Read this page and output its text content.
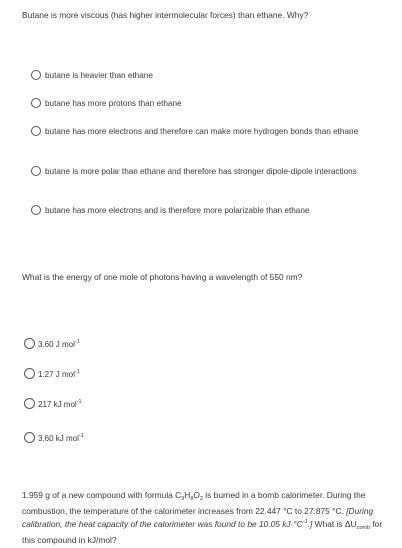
Butane is more viscous (has higher intermolecular forces) than ethane. Why?
butane is heavier than ethane
butane has more protons than ethane
butane has more electrons and therefore can make more hydrogen bonds than ethane
butane is more polar than ethane and therefore has stronger dipole-dipole interactions
butane has more electrons and is therefore more polarizable than ethane
What is the energy of one mole of photons having a wavelength of 550 nm?
3.60 J mol$^{-1}$
1.27 J mol$^{-1}$
217 kJ mol$^{-1}$
3.60 kJ mol$^{-1}$
1.959 g of a new compound with formula $C_9H_8O_2$ is burned in a bomb calorimeter. During the combustion, the temperature of the calorimeter increases from 22.447 °C to 27.875 °C. [During calibration, the heat capacity of the calorimeter was found to be 10.05 $kJ\cdot^\circ C^{-1}$.] What is $\Delta U_{comb}$ for this compound in kJ/mol?
